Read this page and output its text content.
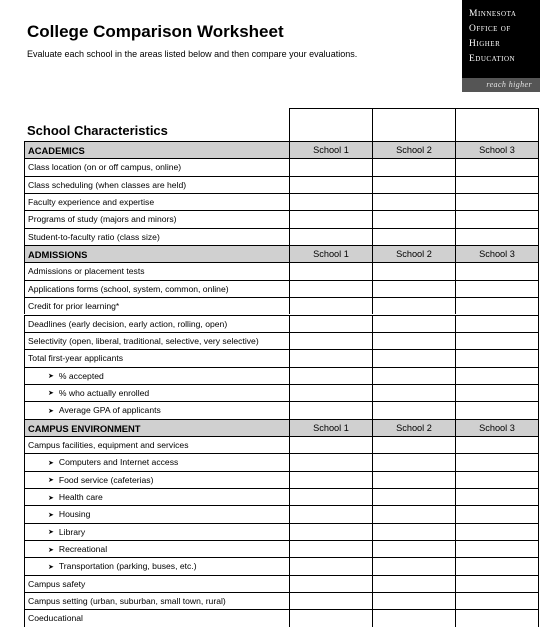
College Comparison Worksheet

Evaluate each school in the areas listed below and then compare your evaluations.

Minnesota
Office of
Higher
Education
reach higher
School Characteristics
ACADEMICS	School 1	School 2	School 3
Class location (on or off campus, online)
Class scheduling (when classes are held)
Faculty experience and expertise
Programs of study (majors and minors)
Student-to-faculty ratio (class size)
ADMISSIONS	School 1	School 2	School 3
Admissions or placement tests
Applications forms (school, system, common, online)
Credit for prior learning*
Deadlines (early decision, early action, rolling, open)
Selectivity (open, liberal, traditional, selective, very selective)
Total first-year applicants
➤ % accepted
➤ % who actually enrolled
➤ Average GPA of applicants
CAMPUS ENVIRONMENT	School 1	School 2	School 3
Campus facilities, equipment and services
➤ Computers and Internet access
➤ Food service (cafeterias)
➤ Health care
➤ Housing
➤ Library
➤ Recreational
➤ Transportation (parking, buses, etc.)
Campus safety
Campus setting (urban, suburban, small town, rural)
Coeducational
